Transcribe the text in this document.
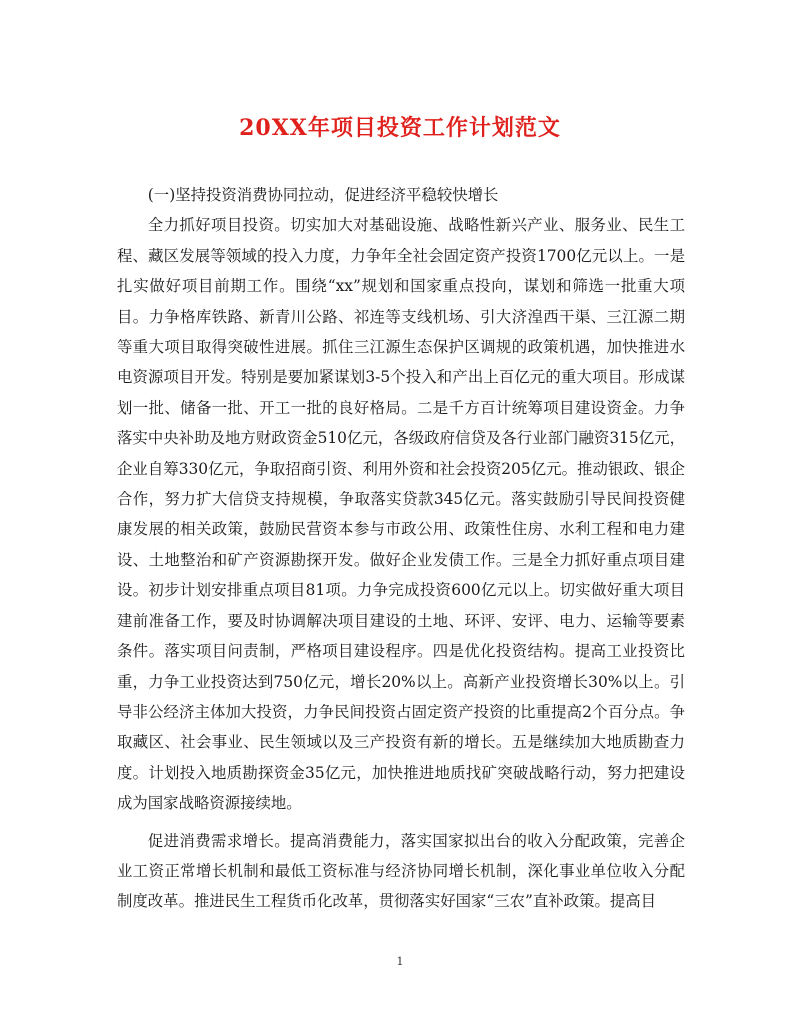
20XX年项目投资工作计划范文

(一)坚持投资消费协同拉动，促进经济平稳较快增长

全力抓好项目投资。切实加大对基础设施、战略性新兴产业、服务业、民生工程、藏区发展等领域的投入力度，力争年全社会固定资产投资1700亿元以上。一是扎实做好项目前期工作。围绕“xx”规划和国家重点投向，谋划和筛选一批重大项目。力争格库铁路、新青川公路、祁连等支线机场、引大济湟西干渠、三江源二期等重大项目取得突破性进展。抓住三江源生态保护区调规的政策机遇，加快推进水电资源项目开发。特别是要加紧谋划3-5个投入和产出上百亿元的重大项目。形成谋划一批、储备一批、开工一批的良好格局。二是千方百计统筹项目建设资金。力争落实中央补助及地方财政资金510亿元，各级政府信贷及各行业部门融资315亿元，企业自筹330亿元，争取招商引资、利用外资和社会投资205亿元。推动银政、银企合作，努力扩大信贷支持规模，争取落实贷款345亿元。落实鼓励引导民间投资健康发展的相关政策，鼓励民营资本参与市政公用、政策性住房、水利工程和电力建设、土地整治和矿产资源勘探开发。做好企业发债工作。三是全力抓好重点项目建设。初步计划安排重点项目81项。力争完成投资600亿元以上。切实做好重大项目建前准备工作，要及时协调解决项目建设的土地、环评、安评、电力、运输等要素条件。落实项目问责制，严格项目建设程序。四是优化投资结构。提高工业投资比重，力争工业投资达到750亿元，增长20%以上。高新产业投资增长30%以上。引导非公经济主体加大投资，力争民间投资占固定资产投资的比重提高2个百分点。争取藏区、社会事业、民生领域以及三产投资有新的增长。五是继续加大地质勘查力度。计划投入地质勘探资金35亿元，加快推进地质找矿突破战略行动，努力把建设成为国家战略资源接续地。

促进消费需求增长。提高消费能力，落实国家拟出台的收入分配政策，完善企业工资正常增长机制和最低工资标准与经济协同增长机制，深化事业单位收入分配制度改革。推进民生工程货币化改革，贯彻落实好国家“三农”直补政策。提高目

1
